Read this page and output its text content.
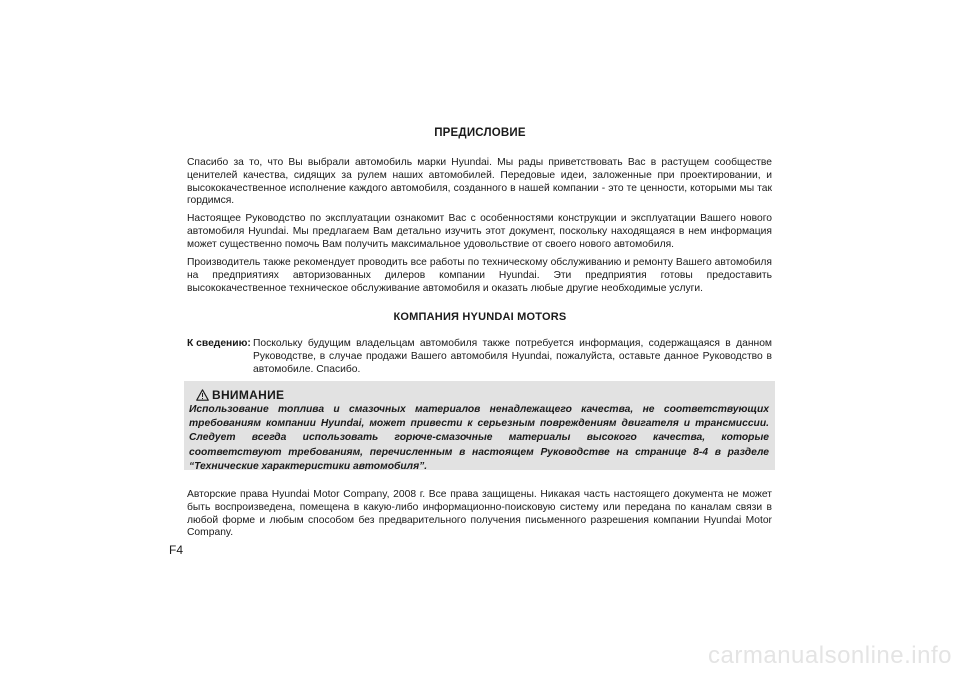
ПРЕДИСЛОВИЕ
Спасибо за то, что Вы выбрали автомобиль марки Hyundai. Мы рады приветствовать Вас в растущем сообществе ценителей качества, сидящих за рулем наших автомобилей. Передовые идеи, заложенные при проектировании, и высококачественное исполнение каждого автомобиля, созданного в нашей компании - это те ценности, которыми мы так гордимся.
Настоящее Руководство по эксплуатации ознакомит Вас с особенностями конструкции и эксплуатации Вашего нового автомобиля Hyundai. Мы предлагаем Вам детально изучить этот документ, поскольку находящаяся в нем информация может существенно помочь Вам получить максимальное удовольствие от своего нового автомобиля.
Производитель также рекомендует проводить все работы по техническому обслуживанию и ремонту Вашего автомобиля на предприятиях авторизованных дилеров компании Hyundai. Эти предприятия готовы предоставить высококачественное техническое обслуживание автомобиля и оказать любые другие необходимые услуги.
КОМПАНИЯ HYUNDAI MOTORS
К сведению: Поскольку будущим владельцам автомобиля также потребуется информация, содержащаяся в данном Руководстве, в случае продажи Вашего автомобиля Hyundai, пожалуйста, оставьте данное Руководство в автомобиле. Спасибо.
ВНИМАНИЕ
Использование топлива и смазочных материалов ненадлежащего качества, не соответствующих требованиям компании Hyundai, может привести к серьезным повреждениям двигателя и трансмиссии. Следует всегда использовать горюче-смазочные материалы высокого качества, которые соответствуют требованиям, перечисленным в настоящем Руководстве на странице 8-4 в разделе “Технические характеристики автомобиля”.
Авторские права Hyundai Motor Company, 2008 г. Все права защищены. Никакая часть настоящего документа не может быть воспроизведена, помещена в какую-либо информационно-поисковую систему или передана по каналам связи в любой форме и любым способом без предварительного получения письменного разрешения компании Hyundai Motor Company.
F4
carmanualsonline.info
